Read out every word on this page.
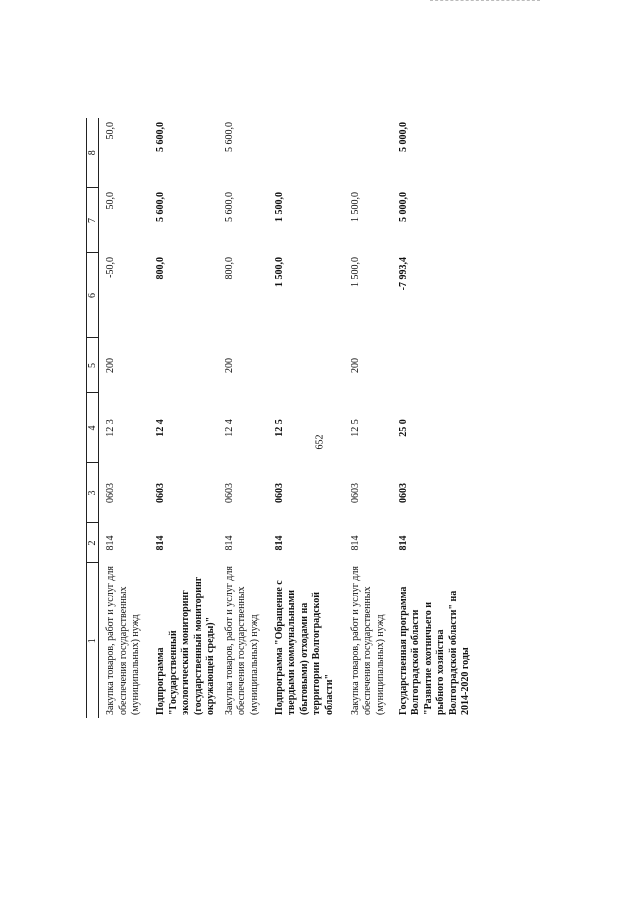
652
1	2	3	4	5	6	7	8
Закупка товаров, работ и услуг для обеспечения государственных (муниципальных) нужд	814	0603	12 3	200	-50,0	50,0	50,0
Подпрограмма "Государственный экологический мониторинг (государственный мониторинг окружающей среды)"	814	0603	12 4		800,0	5 600,0	5 600,0
Закупка товаров, работ и услуг для обеспечения государственных (муниципальных) нужд	814	0603	12 4	200	800,0	5 600,0	5 600,0
Подпрограмма "Обращение с твердыми коммунальными (бытовыми) отходами на территории Волгоградской области"	814	0603	12 5		1 500,0	1 500,0	
Закупка товаров, работ и услуг для обеспечения государственных (муниципальных) нужд	814	0603	12 5	200	1 500,0	1 500,0	
Государственная программа Волгоградской области "Развитие охотничьего и рыбного хозяйства Волгоградской области" на 2014-2020 годы	814	0603	25 0		-7 993,4	5 000,0	5 000,0
